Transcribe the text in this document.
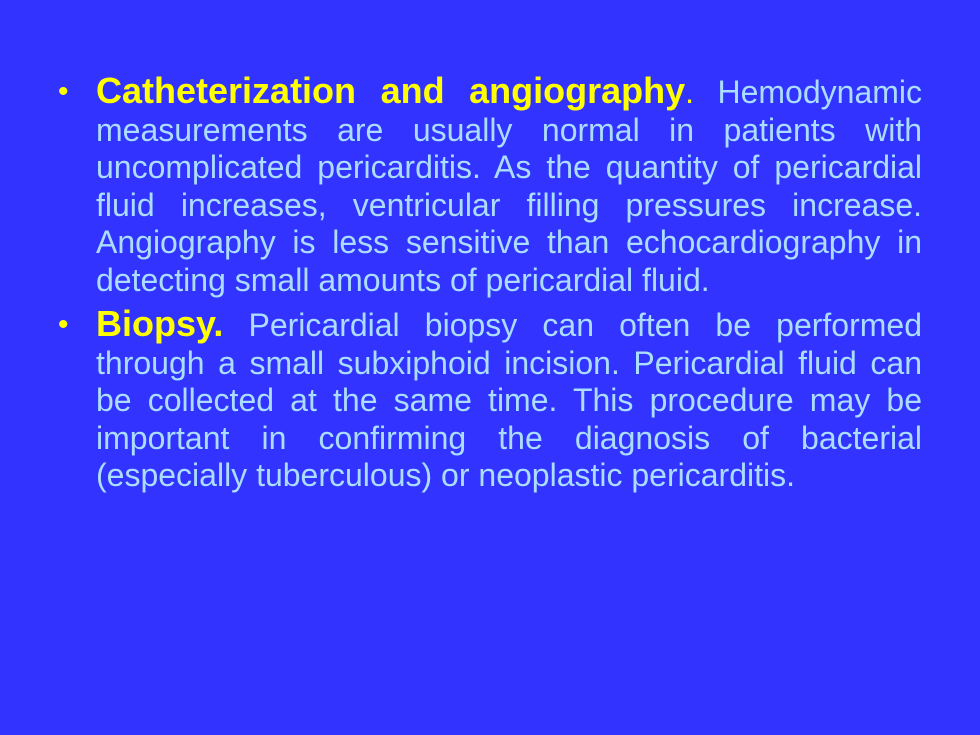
• Catheterization and angiography. Hemodynamic measurements are usually normal in patients with uncomplicated pericarditis. As the quantity of pericardial fluid increases, ventricular filling pressures increase. Angiography is less sensitive than echocardiography in detecting small amounts of pericardial fluid.
• Biopsy. Pericardial biopsy can often be performed through a small subxiphoid incision. Pericardial fluid can be collected at the same time. This procedure may be important in confirming the diagnosis of bacterial (especially tuberculous) or neoplastic pericarditis.
